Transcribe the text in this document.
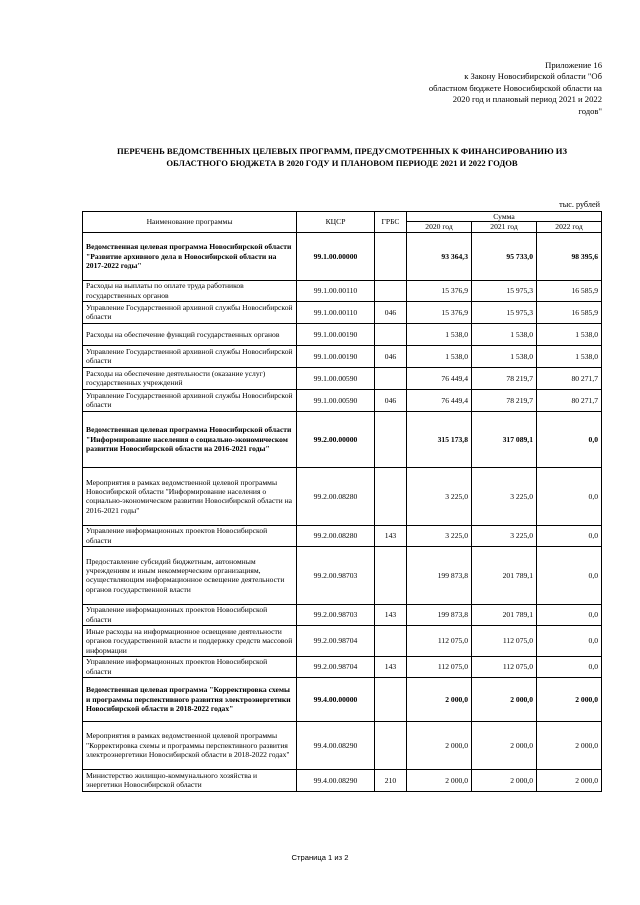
Приложение 16
к Закону Новосибирской области "Об
областном бюджете Новосибирской области на
2020 год и плановый период 2021 и 2022
годов"
ПЕРЕЧЕНЬ ВЕДОМСТВЕННЫХ ЦЕЛЕВЫХ ПРОГРАММ, ПРЕДУСМОТРЕННЫХ К ФИНАНСИРОВАНИЮ ИЗ
ОБЛАСТНОГО БЮДЖЕТА В 2020 ГОДУ И ПЛАНОВОМ ПЕРИОДЕ 2021 И 2022 ГОДОВ
тыс. рублей
Наименование программы	КЦСР	ГРБС	Сумма		
			2020 год	2021 год	2022 год
Ведомственная целевая программа Новосибирской области "Развитие архивного дела в Новосибирской области на 2017-2022 годы"	99.1.00.00000		93 364,3	95 733,0	98 395,6
Расходы на выплаты по оплате труда работников государственных органов	99.1.00.00110		15 376,9	15 975,3	16 585,9
Управление Государственной архивной службы Новосибирской области	99.1.00.00110	046	15 376,9	15 975,3	16 585,9
Расходы на обеспечение функций государственных органов	99.1.00.00190		1 538,0	1 538,0	1 538,0
Управление Государственной архивной службы Новосибирской области	99.1.00.00190	046	1 538,0	1 538,0	1 538,0
Расходы на обеспечение деятельности (оказание услуг) государственных учреждений	99.1.00.00590		76 449,4	78 219,7	80 271,7
Управление Государственной архивной службы Новосибирской области	99.1.00.00590	046	76 449,4	78 219,7	80 271,7
Ведомственная целевая программа Новосибирской области "Информирование населения о социально-экономическом развитии Новосибирской области на 2016-2021 годы"	99.2.00.00000		315 173,8	317 089,1	0,0
Мероприятия в рамках ведомственной целевой программы Новосибирской области "Информирование населения о социально-экономическом развитии Новосибирской области на 2016-2021 годы"	99.2.00.08280		3 225,0	3 225,0	0,0
Управление информационных проектов Новосибирской области	99.2.00.08280	143	3 225,0	3 225,0	0,0
Предоставление субсидий бюджетным, автономным учреждениям и иным некоммерческим организациям, осуществляющим информационное освещение деятельности органов государственной власти	99.2.00.98703		199 873,8	201 789,1	0,0
Управление информационных проектов Новосибирской области	99.2.00.98703	143	199 873,8	201 789,1	0,0
Иные расходы на информационное освещение деятельности органов государственной власти и поддержку средств массовой информации	99.2.00.98704		112 075,0	112 075,0	0,0
Управление информационных проектов Новосибирской области	99.2.00.98704	143	112 075,0	112 075,0	0,0
Ведомственная целевая программа "Корректировка схемы и программы перспективного развития электроэнергетики Новосибирской области в 2018-2022 годах"	99.4.00.00000		2 000,0	2 000,0	2 000,0
Мероприятия в рамках ведомственной целевой программы "Корректировка схемы и программы перспективного развития электроэнергетики Новосибирской области в 2018-2022 годах"	99.4.00.08290		2 000,0	2 000,0	2 000,0
Министерство жилищно-коммунального хозяйства и энергетики Новосибирской области	99.4.00.08290	210	2 000,0	2 000,0	2 000,0
Страница 1 из 2
